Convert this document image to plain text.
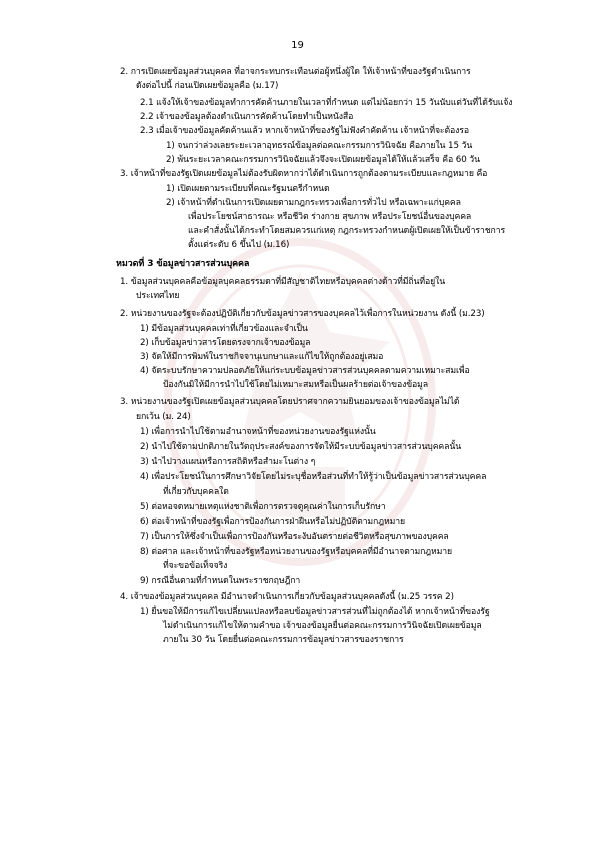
19
2. การเปิดเผยข้อมูลส่วนบุคคล ที่อาจกระทบกระเทือนต่อผู้หนึ่งผู้ใด ให้เจ้าหน้าที่ของรัฐดำเนินการ
ดังต่อไปนี้ ก่อนเปิดเผยข้อมูลคือ (ม.17)
2.1 แจ้งให้เจ้าของข้อมูลทำการคัดค้านภายในเวลาที่กำหนด แต่ไม่น้อยกว่า 15 วันนับแต่วันที่ได้รับแจ้ง
2.2 เจ้าของข้อมูลต้องดำเนินการคัดค้านโดยทำเป็นหนังสือ
2.3 เมื่อเจ้าของข้อมูลคัดค้านแล้ว หากเจ้าหน้าที่ของรัฐไม่ฟังคำคัดค้าน เจ้าหน้าที่จะต้องรอ
1) จนกว่าล่วงเลยระยะเวลาอุทธรณ์ข้อมูลต่อคณะกรรมการวินิจฉัย คือภายใน 15 วัน
2) พ้นระยะเวลาคณะกรรมการวินิจฉัยแล้วจึงจะเปิดเผยข้อมูลได้ให้แล้วเสร็จ คือ 60 วัน
3. เจ้าหน้าที่ของรัฐเปิดเผยข้อมูลไม่ต้องรับผิดหากว่าได้ดำเนินการถูกต้องตามระเบียบและกฎหมาย คือ
1) เปิดเผยตามระเบียบที่คณะรัฐมนตรีกำหนด
2) เจ้าหน้าที่ดำเนินการเปิดเผยตามกฎกระทรวงเพื่อการทั่วไป หรือเฉพาะแก่บุคคล
เพื่อประโยชน์สาธารณะ หรือชีวิต ร่างกาย สุขภาพ หรือประโยชน์อื่นของบุคคล
และคำสั่งนั้นได้กระทำโดยสมควรแก่เหตุ กฎกระทรวงกำหนดผู้เปิดเผยให้เป็นข้าราชการ
ตั้งแต่ระดับ 6 ขึ้นไป (ม.16)
หมวดที่ 3 ข้อมูลข่าวสารส่วนบุคคล
1. ข้อมูลส่วนบุคคลคือข้อมูลบุคคลธรรมดาที่มีสัญชาติไทยหรือบุคคลต่างด้าวที่มีถิ่นที่อยู่ใน
ประเทศไทย
2. หน่วยงานของรัฐจะต้องปฏิบัติเกี่ยวกับข้อมูลข่าวสารของบุคคลไว้เพื่อการในหน่วยงาน ดังนี้ (ม.23)
1) มีข้อมูลส่วนบุคคลเท่าที่เกี่ยวข้องและจำเป็น
2) เก็บข้อมูลข่าวสารโดยตรงจากเจ้าของข้อมูล
3) จัดให้มีการพิมพ์ในราชกิจจานุเบกษาและแก้ไขให้ถูกต้องอยู่เสมอ
4) จัดระบบรักษาความปลอดภัยให้แก่ระบบข้อมูลข่าวสารส่วนบุคคลตามความเหมาะสมเพื่อ
ป้องกันมิให้มีการนำไปใช้โดยไม่เหมาะสมหรือเป็นผลร้ายต่อเจ้าของข้อมูล
3. หน่วยงานของรัฐเปิดเผยข้อมูลส่วนบุคคลโดยปราศจากความยินยอมของเจ้าของข้อมูลไม่ได้
ยกเว้น (ม. 24)
1) เพื่อการนำไปใช้ตามอำนาจหน้าที่ของหน่วยงานของรัฐแห่งนั้น
2) นำไปใช้ตามปกติภายในวัตถุประสงค์ของการจัดให้มีระบบข้อมูลข่าวสารส่วนบุคคลนั้น
3) นำไปวางแผนหรือการสถิติหรือสำมะโนต่าง ๆ
4) เพื่อประโยชน์ในการศึกษาวิจัยโดยไม่ระบุชื่อหรือส่วนที่ทำให้รู้ว่าเป็นข้อมูลข่าวสารส่วนบุคคล
ที่เกี่ยวกับบุคคลใด
5) ต่อหอจดหมายเหตุแห่งชาติเพื่อการตรวจดูคุณค่าในการเก็บรักษา
6) ต่อเจ้าหน้าที่ของรัฐเพื่อการป้องกันการฝ่าฝืนหรือไม่ปฏิบัติตามกฎหมาย
7) เป็นการให้ซึ่งจำเป็นเพื่อการป้องกันหรือระงับอันตรายต่อชีวิตหรือสุขภาพของบุคคล
8) ต่อศาล และเจ้าหน้าที่ของรัฐหรือหน่วยงานของรัฐหรือบุคคลที่มีอำนาจตามกฎหมาย
ที่จะขอข้อเท็จจริง
9) กรณีอื่นตามที่กำหนดในพระราชกฤษฎีกา
4. เจ้าของข้อมูลส่วนบุคคล มีอำนาจดำเนินการเกี่ยวกับข้อมูลส่วนบุคคลดังนี้ (ม.25 วรรค 2)
1) ยื่นขอให้มีการแก้ไขเปลี่ยนแปลงหรือลบข้อมูลข่าวสารส่วนที่ไม่ถูกต้องได้ หากเจ้าหน้าที่ของรัฐ
ไม่ดำเนินการแก้ไขให้ตามคำขอ เจ้าของข้อมูลยื่นต่อคณะกรรมการวินิจฉัยเปิดเผยข้อมูล
ภายใน 30 วัน โดยยื่นต่อคณะกรรมการข้อมูลข่าวสารของราชการ
